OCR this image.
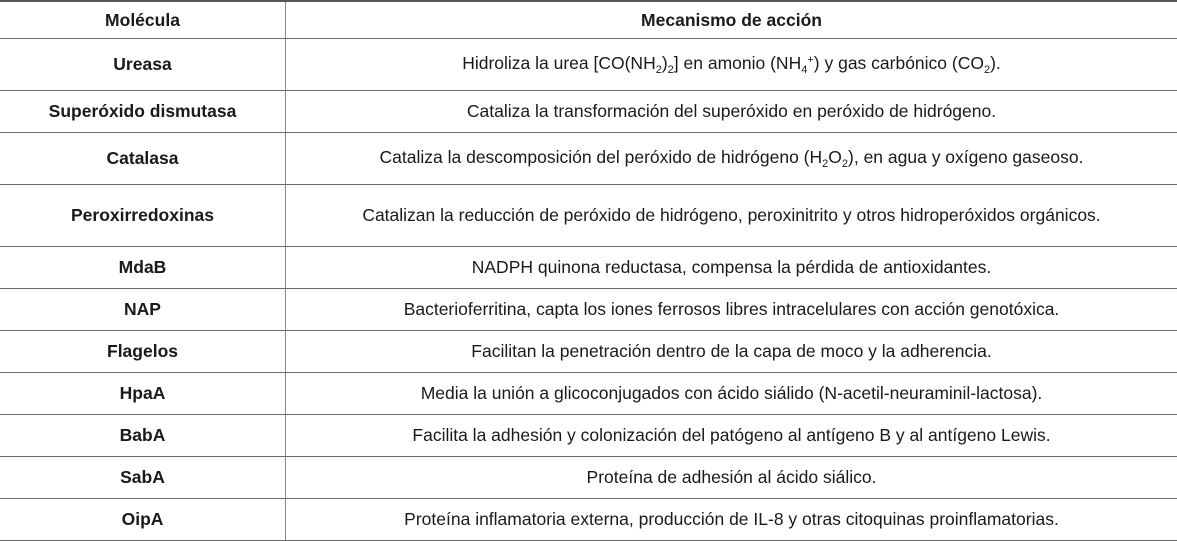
Molécula	Mecanismo de acción
Ureasa	Hidroliza la urea $[CO(NH_2)_2]$ en amonio $(NH_4^+)$ y gas carbónico $(CO_2)$.
Superóxido dismutasa	Cataliza la transformación del superóxido en peróxido de hidrógeno.
Catalasa	Cataliza la descomposición del peróxido de hidrógeno $(H_2O_2)$, en agua y oxígeno gaseoso.
Peroxirredoxinas	Catalizan la reducción de peróxido de hidrógeno, peroxinitrito y otros hidroperóxidos orgánicos.

MdaB	NADPH quinona reductasa, compensa la pérdida de antioxidantes.
NAP	Bacterioferritina, capta los iones ferrosos libres intracelulares con acción genotóxica.
Flagelos	Facilitan la penetración dentro de la capa de moco y la adherencia.
HpaA	Media la unión a glicoconjugados con ácido siálido (N-acetil-neuraminil-lactosa).
BabA	Facilita la adhesión y colonización del patógeno al antígeno B y al antígeno Lewis.
SabA	Proteína de adhesión al ácido siálico.
OipA	Proteína inflamatoria externa, producción de IL-8 y otras citoquinas proinflamatorias.
